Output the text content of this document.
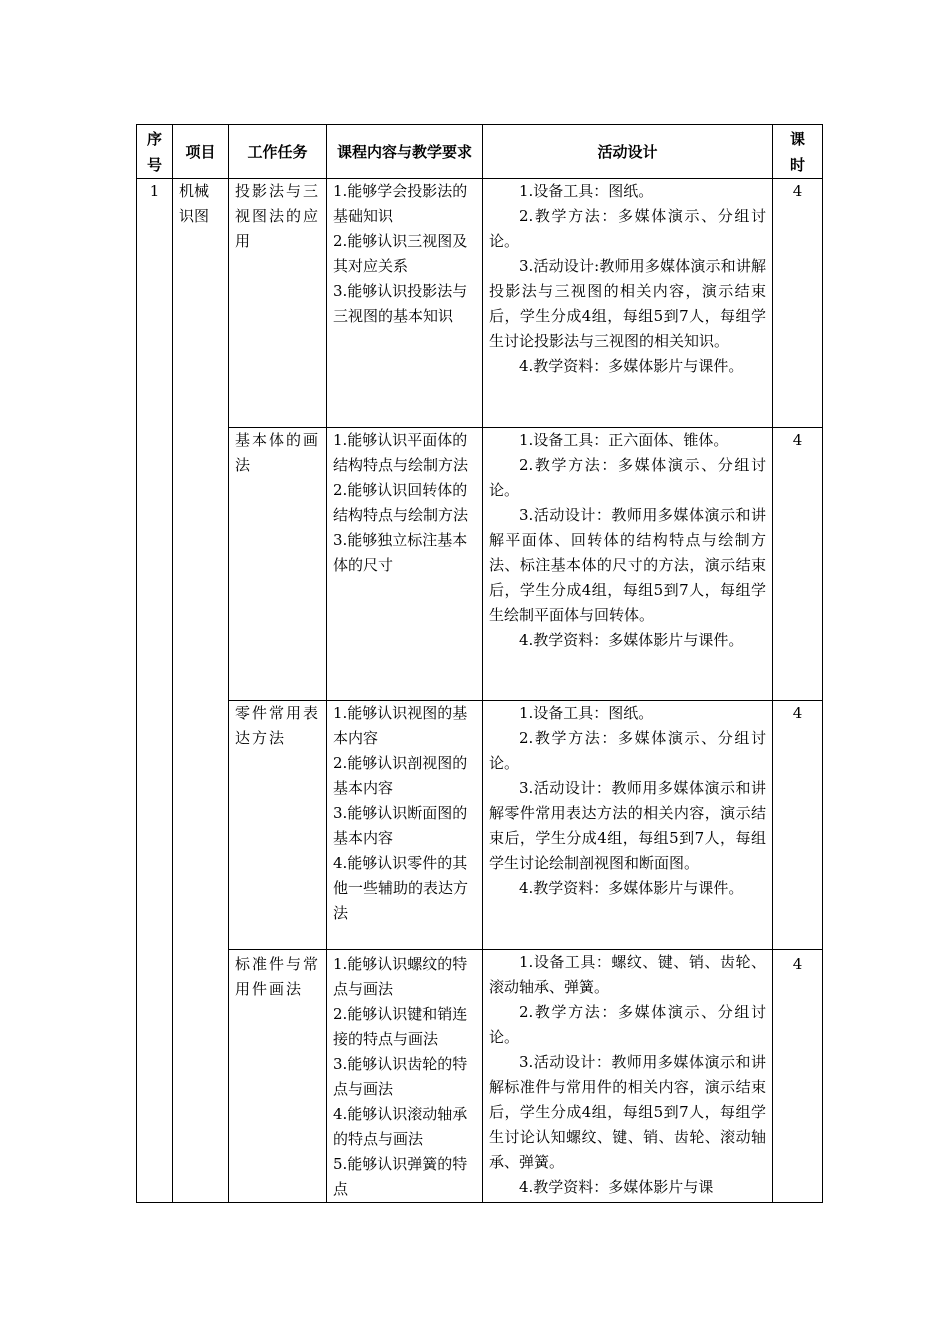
序号	项目	工作任务	课程内容与教学要求	活动设计	课时

1	机械识图	投影法与三视图法的应用	1.能够学会投影法的基础知识
2.能够认识三视图及其对应关系
3.能够认识投影法与三视图的基本知识	1.设备工具：图纸。
2.教学方法：多媒体演示、分组讨论。
3.活动设计:教师用多媒体演示和讲解投影法与三视图的相关内容，演示结束后，学生分成4组，每组5到7人，每组学生讨论投影法与三视图的相关知识。
4.教学资料：多媒体影片与课件。	4
		基本体的画法	1.能够认识平面体的结构特点与绘制方法
2.能够认识回转体的结构特点与绘制方法
3.能够独立标注基本体的尺寸	1.设备工具：正六面体、锥体。
2.教学方法：多媒体演示、分组讨论。
3.活动设计：教师用多媒体演示和讲解平面体、回转体的结构特点与绘制方法、标注基本体的尺寸的方法，演示结束后，学生分成4组，每组5到7人，每组学生绘制平面体与回转体。
4.教学资料：多媒体影片与课件。	4
		零件常用表达方法	1.能够认识视图的基本内容
2.能够认识剖视图的基本内容
3.能够认识断面图的基本内容
4.能够认识零件的其他一些辅助的表达方法	1.设备工具：图纸。
2.教学方法：多媒体演示、分组讨论。
3.活动设计：教师用多媒体演示和讲解零件常用表达方法的相关内容，演示结束后，学生分成4组，每组5到7人，每组学生讨论绘制剖视图和断面图。
4.教学资料：多媒体影片与课件。	4
		标准件与常用件画法	1.能够认识螺纹的特点与画法
2.能够认识键和销连接的特点与画法
3.能够认识齿轮的特点与画法
4.能够认识滚动轴承的特点与画法
5.能够认识弹簧的特点	1.设备工具：螺纹、键、销、齿轮、滚动轴承、弹簧。
2.教学方法：多媒体演示、分组讨论。
3.活动设计：教师用多媒体演示和讲解标准件与常用件的相关内容，演示结束后，学生分成4组，每组5到7人，每组学生讨论认知螺纹、键、销、齿轮、滚动轴承、弹簧。
4.教学资料：多媒体影片与课	4
